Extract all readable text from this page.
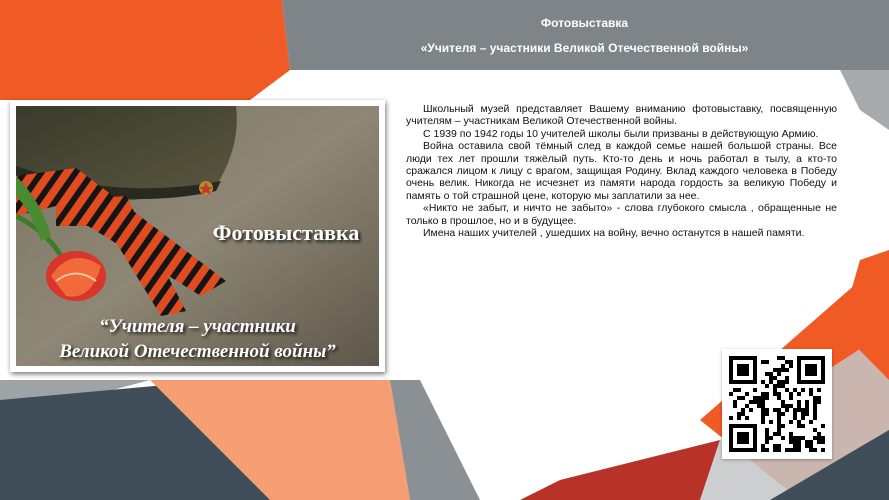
Фотовыставка
«Учителя – участники Великой Отечественной войны»
Фотовыставка
“Учителя – участники
Великой Отечественной войны”

Школьный музей представляет Вашему вниманию фотовыставку, посвященную учителям – участникам Великой Отечественной войны.

С 1939 по 1942 годы 10 учителей школы были призваны в действующую Армию.

Война оставила свой тёмный след в каждой семье нашей большой страны. Все люди тех лет прошли тяжёлый путь. Кто-то день и ночь работал в тылу, а кто-то сражался лицом к лицу с врагом, защищая Родину. Вклад каждого человека в Победу очень велик. Никогда не исчезнет из памяти народа гордость за великую Победу и память о той страшной цене, которую мы заплатили за нее.

«Никто не забыт, и ничто не забыто» - слова глубокого смысла , обращенные не только в прошлое, но и в будущее.

Имена наших учителей , ушедших на войну, вечно останутся в нашей памяти.
